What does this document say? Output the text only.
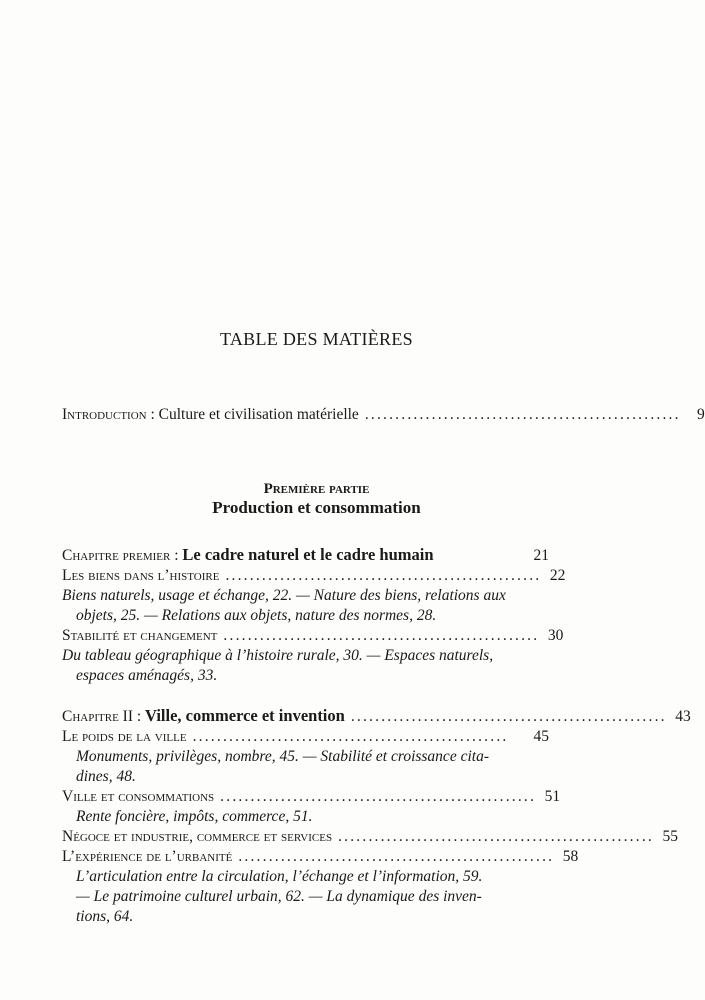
TABLE DES MATIÈRES
Introduction : Culture et civilisation matérielle ....................................................	9
Première partie
Production et consommation
Chapitre premier : Le cadre naturel et le cadre humain	21
Les biens dans l’histoire .................................................... 22
Biens naturels, usage et échange, 22. — Nature des biens, relations aux
objets, 25. — Relations aux objets, nature des normes, 28.
Stabilité et changement .................................................... 30
Du tableau géographique à l’histoire rurale, 30. — Espaces naturels,
espaces aménagés, 33.
Chapitre II : Ville, commerce et invention .................................................... 43
Le poids de la ville ....................................................	45
Monuments, privilèges, nombre, 45. — Stabilité et croissance cita-
dines, 48.
Ville et consommations .................................................... 51
Rente foncière, impôts, commerce, 51.
Négoce et industrie, commerce et services .................................................... 55
L’expérience de l’urbanité .................................................... 58
L’articulation entre la circulation, l’échange et l’information, 59.
— Le patrimoine culturel urbain, 62. — La dynamique des inven-
tions, 64.
